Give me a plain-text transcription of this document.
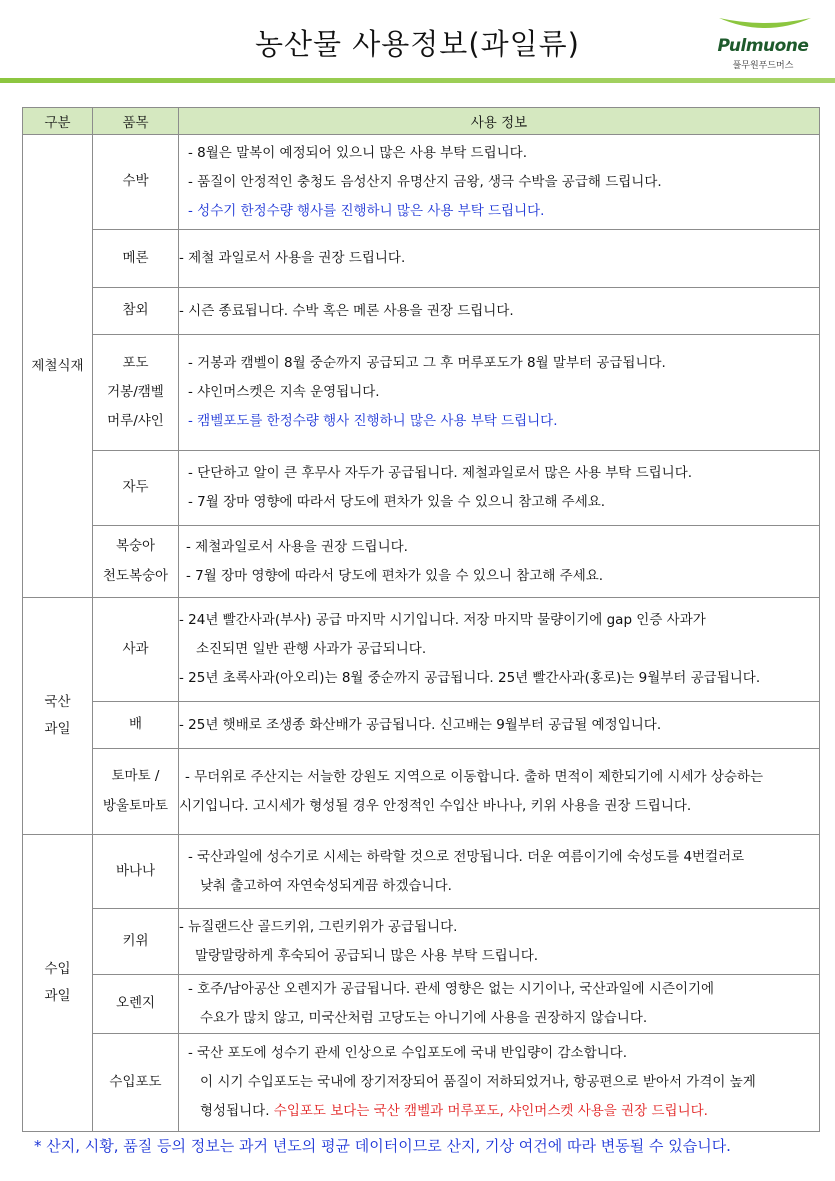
농산물 사용정보(과일류)	Pulmuone
풀무원푸드머스
구분	품목	사용 정보
제철식재	수박	- 8월은 말복이 예정되어 있으니 많은 사용 부탁 드립니다.
- 품질이 안정적인 충청도 음성산지 유명산지 금왕, 생극 수박을 공급해 드립니다.
- 성수기 한정수량 행사를 진행하니 많은 사용 부탁 드립니다.

	메론	- 제철 과일로서 사용을 권장 드립니다.

	참외	- 시즌 종료됩니다. 수박 혹은 메론 사용을 권장 드립니다.

	포도
거봉/캠벨
머루/샤인	- 거봉과 캠벨이 8월 중순까지 공급되고 그 후 머루포도가 8월 말부터 공급됩니다.
- 샤인머스켓은 지속 운영됩니다.
- 캠벨포도를 한정수량 행사 진행하니 많은 사용 부탁 드립니다.

	자두	- 단단하고 알이 큰 후무사 자두가 공급됩니다. 제철과일로서 많은 사용 부탁 드립니다.
- 7월 장마 영향에 따라서 당도에 편차가 있을 수 있으니 참고해 주세요.

	복숭아
천도복숭아	- 제철과일로서 사용을 권장 드립니다.
- 7월 장마 영향에 따라서 당도에 편차가 있을 수 있으니 참고해 주세요.

국산
과일	사과	- 24년 빨간사과(부사) 공급 마지막 시기입니다. 저장 마지막 물량이기에 gap 인증 사과가
소진되면 일반 관행 사과가 공급되니다.
- 25년 초록사과(아오리)는 8월 중순까지 공급됩니다. 25년 빨간사과(홍로)는 9월부터 공급됩니다.

	배	- 25년 햇배로 조생종 화산배가 공급됩니다. 신고배는 9월부터 공급될 예정입니다.

	토마토 /
방울토마토	- 무더위로 주산지는 서늘한 강원도 지역으로 이동합니다. 출하 면적이 제한되기에 시세가 상승하는
시기입니다. 고시세가 형성될 경우 안정적인 수입산 바나나, 키위 사용을 권장 드립니다.

수입
과일	바나나	- 국산과일에 성수기로 시세는 하락할 것으로 전망됩니다. 더운 여름이기에 숙성도를 4번컬러로
낮춰 출고하여 자연숙성되게끔 하겠습니다.

	키위	- 뉴질랜드산 골드키위, 그린키위가 공급됩니다.
말랑말랑하게 후숙되어 공급되니 많은 사용 부탁 드립니다.

	오렌지	- 호주/남아공산 오렌지가 공급됩니다. 관세 영향은 없는 시기이나, 국산과일에 시즌이기에
수요가 많치 않고, 미국산처럼 고당도는 아니기에 사용을 권장하지 않습니다.

	수입포도	- 국산 포도에 성수기 관세 인상으로 수입포도에 국내 반입량이 감소합니다.
이 시기 수입포도는 국내에 장기저장되어 품질이 저하되었거나, 항공편으로 받아서 가격이 높게
형성됩니다. 수입포도 보다는 국산 캠벨과 머루포도, 샤인머스켓 사용을 권장 드립니다.
* 산지, 시황, 품질 등의 정보는 과거 년도의 평균 데이터이므로 산지, 기상 여건에 따라 변동될 수 있습니다.
